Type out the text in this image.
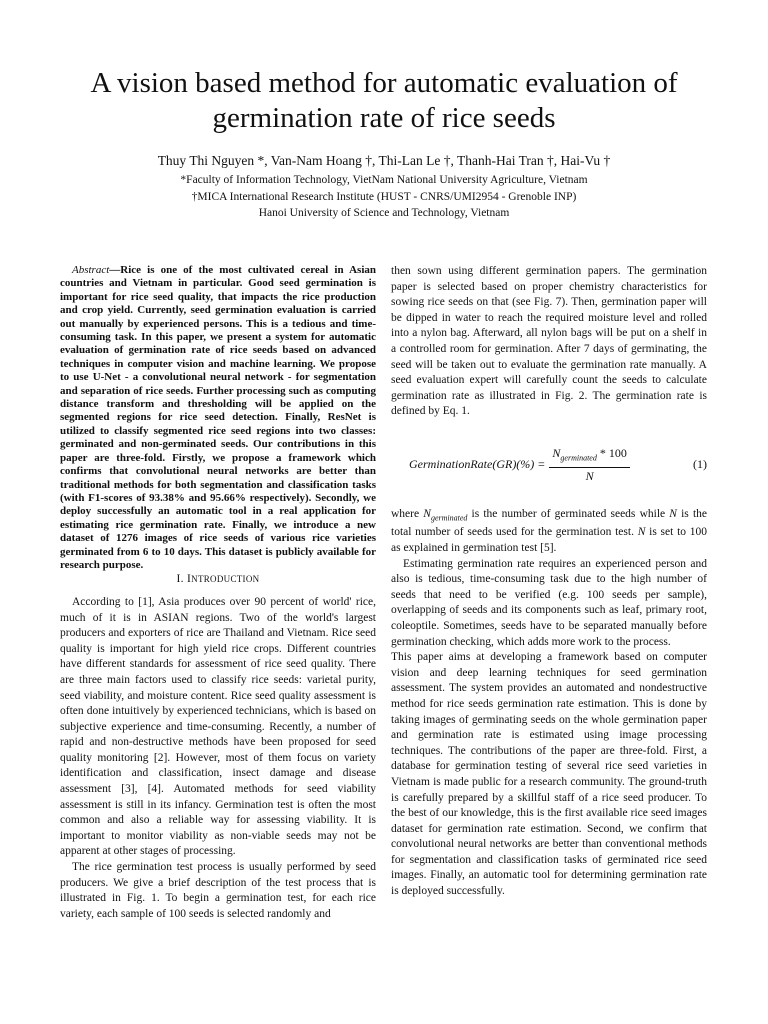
A vision based method for automatic evaluation of
germination rate of rice seeds

Thuy Thi Nguyen *, Van-Nam Hoang †, Thi-Lan Le †, Thanh-Hai Tran †, Hai-Vu †

*Faculty of Information Technology, VietNam National University Agriculture, Vietnam

†MICA International Research Institute (HUST - CNRS/UMI2954 - Grenoble INP)

Hanoi University of Science and Technology, Vietnam

Abstract—Rice is one of the most cultivated cereal in Asian countries and Vietnam in particular. Good seed germination is important for rice seed quality, that impacts the rice production and crop yield. Currently, seed germination evaluation is carried out manually by experienced persons. This is a tedious and time-consuming task. In this paper, we present a system for automatic evaluation of germination rate of rice seeds based on advanced techniques in computer vision and machine learning. We propose to use U-Net - a convolutional neural network - for segmentation and separation of rice seeds. Further processing such as computing distance transform and thresholding will be applied on the segmented regions for rice seed detection. Finally, ResNet is utilized to classify segmented rice seed regions into two classes: germinated and non-germinated seeds. Our contributions in this paper are three-fold. Firstly, we propose a framework which confirms that convolutional neural networks are better than traditional methods for both segmentation and classification tasks (with F1-scores of 93.38% and 95.66% respectively). Secondly, we deploy successfully an automatic tool in a real application for estimating rice germination rate. Finally, we introduce a new dataset of 1276 images of rice seeds of various rice varieties germinated from 6 to 10 days. This dataset is publicly available for research purpose.

I. INTRODUCTION

According to [1], Asia produces over 90 percent of world' rice, much of it is in ASIAN regions. Two of the world's largest producers and exporters of rice are Thailand and Vietnam. Rice seed quality is important for high yield rice crops. Different countries have different standards for assessment of rice seed quality. There are three main factors used to classify rice seeds: varietal purity, seed viability, and moisture content. Rice seed quality assessment is often done intuitively by experienced technicians, which is based on subjective experience and time-consuming. Recently, a number of rapid and non-destructive methods have been proposed for seed quality monitoring [2]. However, most of them focus on variety identification and classification, insect damage and disease assessment [3], [4]. Automated methods for seed viability assessment is still in its infancy. Germination test is often the most common and also a reliable way for assessing viability. It is important to monitor viability as non-viable seeds may not be apparent at other stages of processing.

The rice germination test process is usually performed by seed producers. We give a brief description of the test process that is illustrated in Fig. 1. To begin a germination test, for each rice variety, each sample of 100 seeds is selected randomly and

then sown using different germination papers. The germination paper is selected based on proper chemistry characteristics for sowing rice seeds on that (see Fig. 7). Then, germination paper will be dipped in water to reach the required moisture level and rolled into a nylon bag. Afterward, all nylon bags will be put on a shelf in a controlled room for germination. After 7 days of germinating, the seed will be taken out to evaluate the germination rate manually. A seed evaluation expert will carefully count the seeds to calculate germination rate as illustrated in Fig. 2. The germination rate is defined by Eq. 1.

GerminationRate(GR)(%) = $\frac{N_{germinated} * 100}{N}$	(1)

where $N_{germinated}$ is the number of germinated seeds while N is the total number of seeds used for the germination test. N is set to 100 as explained in germination test [5].

Estimating germination rate requires an experienced person and also is tedious, time-consuming task due to the high number of seeds that need to be verified (e.g. 100 seeds per sample), overlapping of seeds and its components such as leaf, primary root, coleoptile. Sometimes, seeds have to be separated manually before germination checking, which adds more work to the process.

This paper aims at developing a framework based on computer vision and deep learning techniques for seed germination assessment. The system provides an automated and nondestructive method for rice seeds germination rate estimation. This is done by taking images of germinating seeds on the whole germination paper and germination rate is estimated using image processing techniques. The contributions of the paper are three-fold. First, a database for germination testing of several rice seed varieties in Vietnam is made public for a research community. The ground-truth is carefully prepared by a skillful staff of a rice seed producer. To the best of our knowledge, this is the first available rice seed images dataset for germination rate estimation. Second, we confirm that convolutional neural networks are better than conventional methods for segmentation and classification tasks of germinated rice seed images. Finally, an automatic tool for determining germination rate is deployed successfully.
